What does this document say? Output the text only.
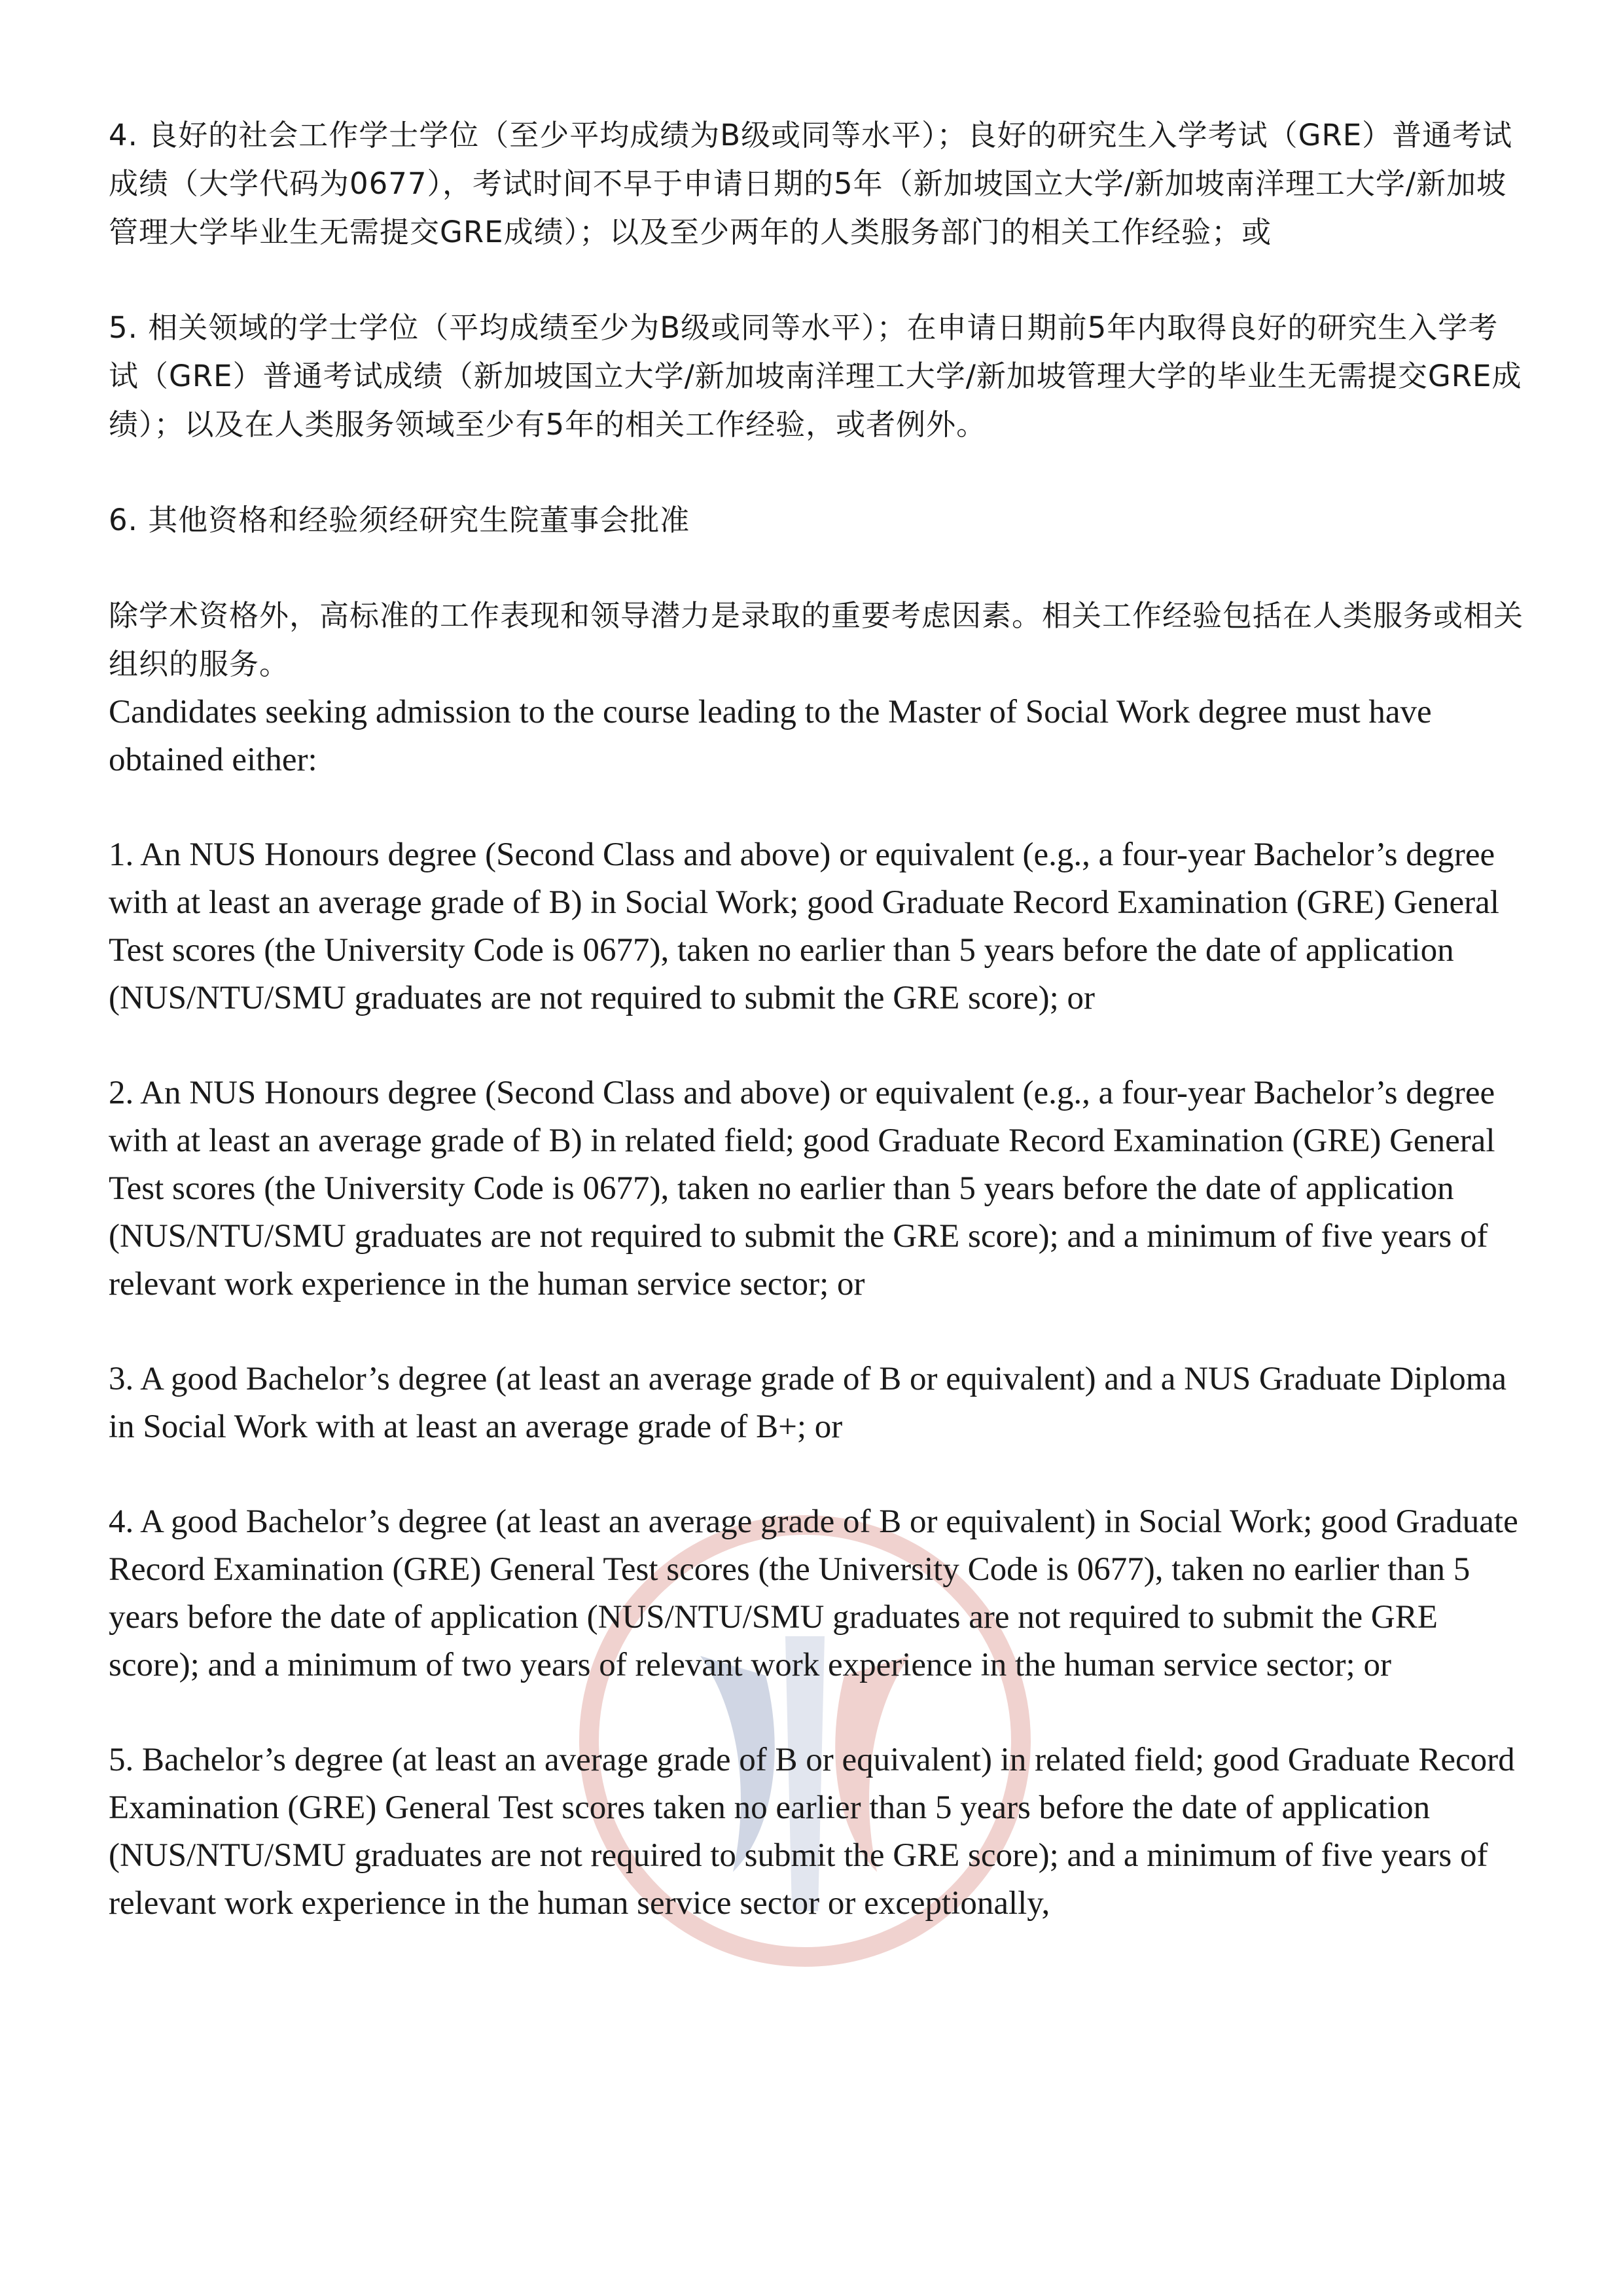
4. 良好的社会工作学士学位（至少平均成绩为B级或同等水平）；良好的研究生入学考试（GRE）普通考试成绩（大学代码为0677），考试时间不早于申请日期的5年（新加坡国立大学/新加坡南洋理工大学/新加坡管理大学毕业生无需提交GRE成绩）；以及至少两年的人类服务部门的相关工作经验；或

5. 相关领域的学士学位（平均成绩至少为B级或同等水平）；在申请日期前5年内取得良好的研究生入学考试（GRE）普通考试成绩（新加坡国立大学/新加坡南洋理工大学/新加坡管理大学的毕业生无需提交GRE成绩）；以及在人类服务领域至少有5年的相关工作经验，或者例外。

6. 其他资格和经验须经研究生院董事会批准

除学术资格外，高标准的工作表现和领导潜力是录取的重要考虑因素。相关工作经验包括在人类服务或相关组织的服务。

Candidates seeking admission to the course leading to the Master of Social Work degree must have obtained either:

1. An NUS Honours degree (Second Class and above) or equivalent (e.g., a four-year Bachelor’s degree with at least an average grade of B) in Social Work; good Graduate Record Examination (GRE) General Test scores (the University Code is 0677), taken no earlier than 5 years before the date of application (NUS/NTU/SMU graduates are not required to submit the GRE score); or

2. An NUS Honours degree (Second Class and above) or equivalent (e.g., a four-year Bachelor’s degree with at least an average grade of B) in related field; good Graduate Record Examination (GRE) General Test scores (the University Code is 0677), taken no earlier than 5 years before the date of application (NUS/NTU/SMU graduates are not required to submit the GRE score); and a minimum of five years of relevant work experience in the human service sector; or

3. A good Bachelor’s degree (at least an average grade of B or equivalent) and a NUS Graduate Diploma in Social Work with at least an average grade of B+; or

4. A good Bachelor’s degree (at least an average grade of B or equivalent) in Social Work; good Graduate Record Examination (GRE) General Test scores (the University Code is 0677), taken no earlier than 5 years before the date of application (NUS/NTU/SMU graduates are not required to submit the GRE score); and a minimum of two years of relevant work experience in the human service sector; or

5. Bachelor’s degree (at least an average grade of B or equivalent) in related field; good Graduate Record Examination (GRE) General Test scores taken no earlier than 5 years before the date of application (NUS/NTU/SMU graduates are not required to submit the GRE score); and a minimum of five years of relevant work experience in the human service sector or exceptionally,
